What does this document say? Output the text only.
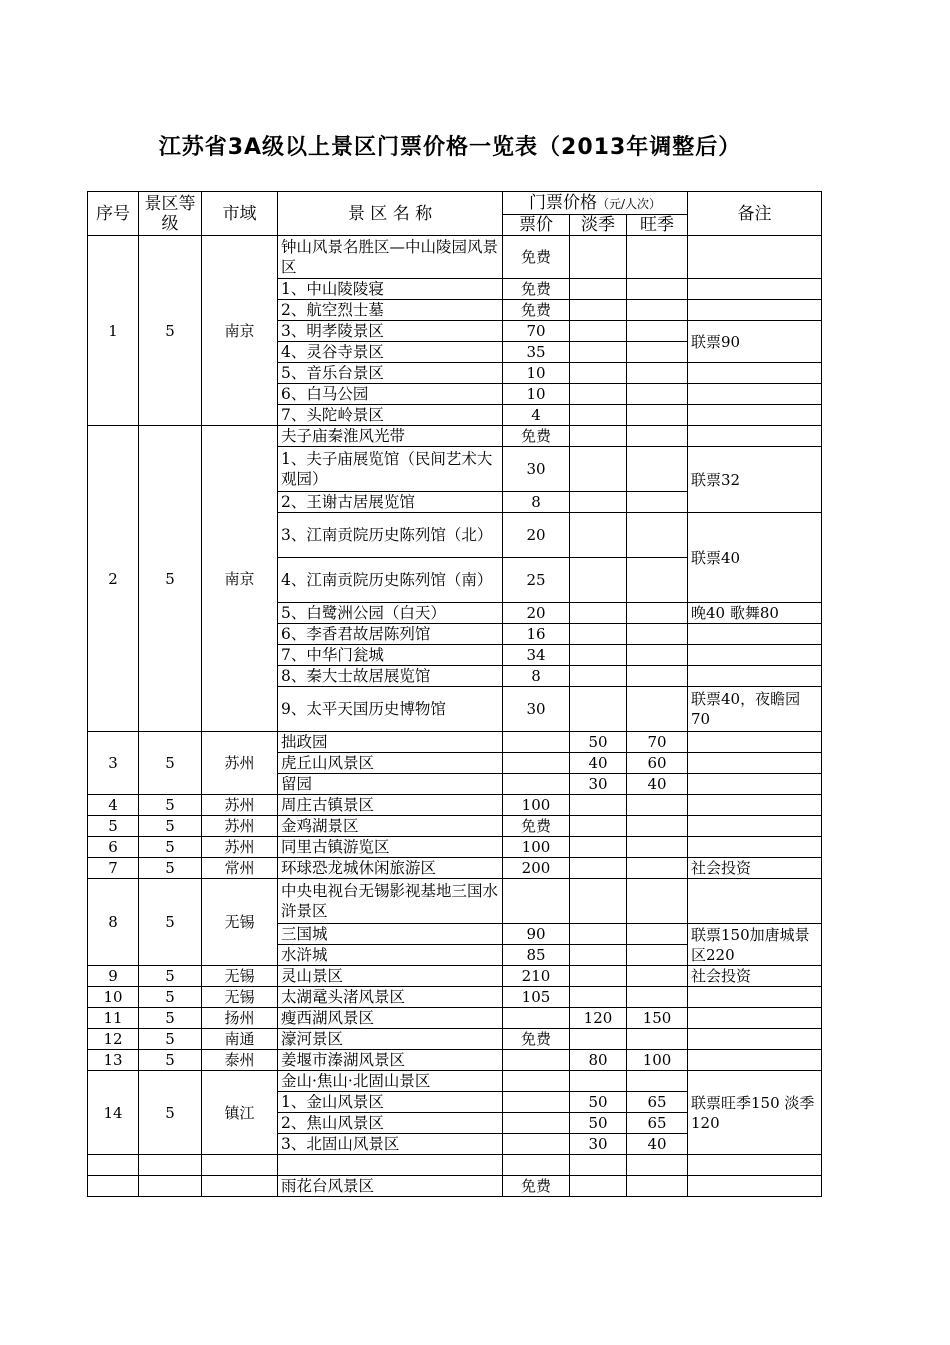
江苏省3A级以上景区门票价格一览表（2013年调整后）
序号	景区等级	市域	景 区 名 称	门票价格（元/人次）			备注
				票价	淡季	旺季	
1	5	南京	钟山风景名胜区—中山陵园风景区	免费			
			1、中山陵陵寝	免费			
			2、航空烈士墓	免费			
			3、明孝陵景区	70			联票90
			4、灵谷寺景区	35			
			5、音乐台景区	10			
			6、白马公园	10			
			7、头陀岭景区	4			
2	5	南京	夫子庙秦淮风光带	免费			
			1、夫子庙展览馆（民间艺术大观园）	30			联票32
			2、王谢古居展览馆	8			
			3、江南贡院历史陈列馆（北）	20			联票40
			4、江南贡院历史陈列馆（南）	25			
			5、白鹭洲公园（白天）	20			晚40 歌舞80
			6、李香君故居陈列馆	16			
			7、中华门瓮城	34			
			8、秦大士故居展览馆	8			
			9、太平天国历史博物馆	30			联票40，夜瞻园70
3	5	苏州	拙政园		50	70	
			虎丘山风景区		40	60	
			留园		30	40	
4	5	苏州	周庄古镇景区	100			
5	5	苏州	金鸡湖景区	免费			
6	5	苏州	同里古镇游览区	100			
7	5	常州	环球恐龙城休闲旅游区	200			社会投资
8	5	无锡	中央电视台无锡影视基地三国水浒景区				
			三国城	90			联票150加唐城景区220
			水浒城	85			
9	5	无锡	灵山景区	210			社会投资
10	5	无锡	太湖鼋头渚风景区	105			
11	5	扬州	瘦西湖风景区		120	150	
12	5	南通	濠河景区	免费			
13	5	泰州	姜堰市溱湖风景区		80	100	
14	5	镇江	金山·焦山·北固山景区				联票旺季150 淡季120
			1、金山风景区		50	65	
			2、焦山风景区		50	65	
			3、北固山风景区		30	40	

			雨花台风景区	免费			
